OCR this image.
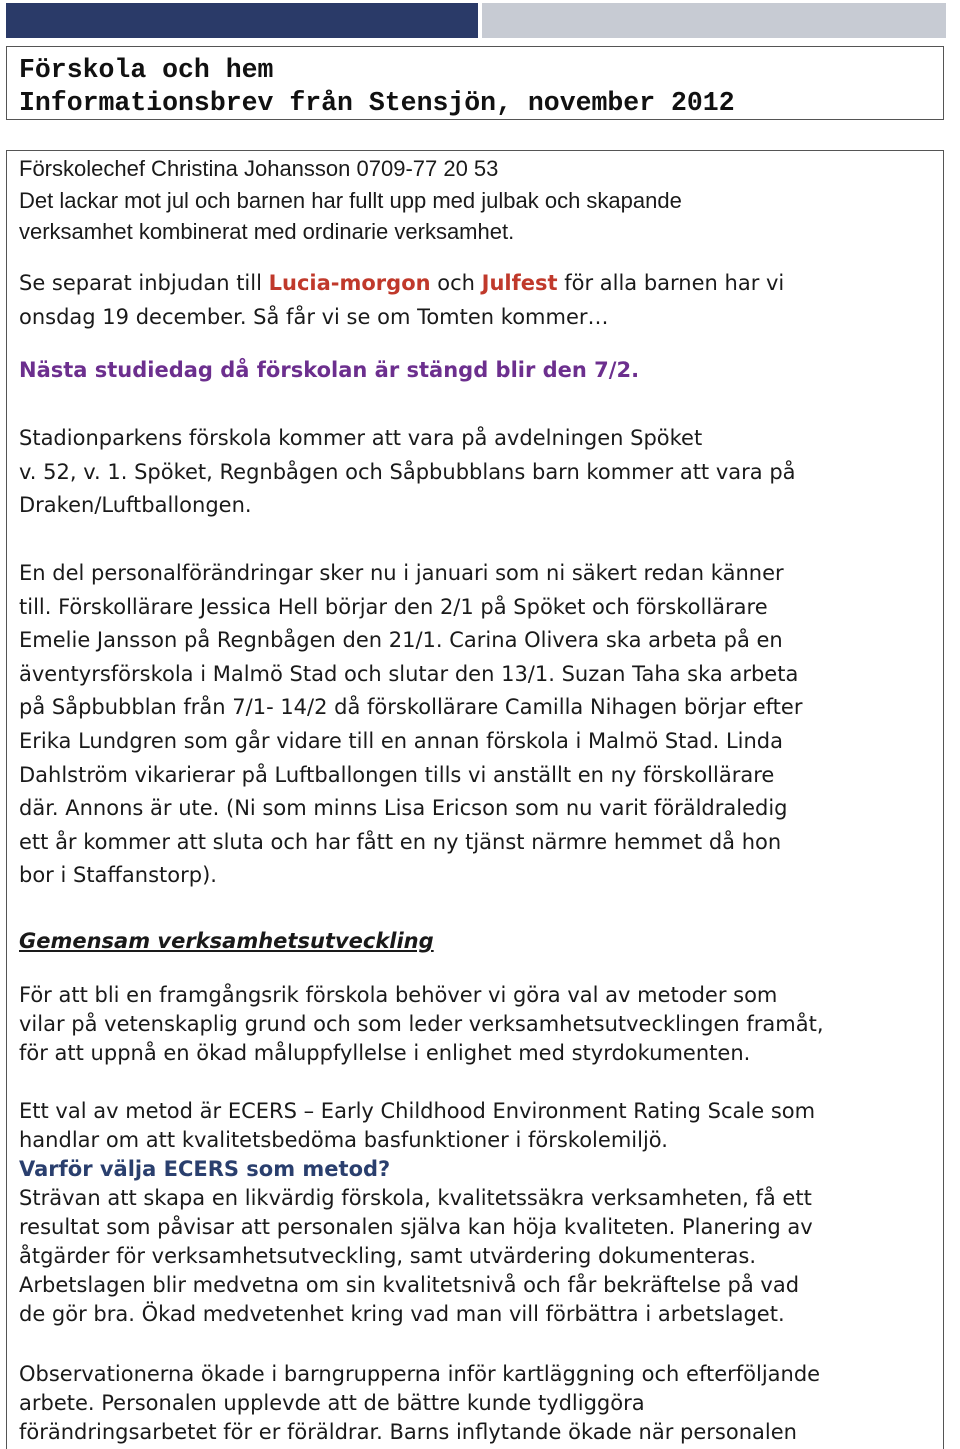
Förskola och hem
Informationsbrev från Stensjön, november 2012
Förskolechef Christina Johansson 0709-77 20 53
Det lackar mot jul och barnen har fullt upp med julbak och skapande
verksamhet kombinerat med ordinarie verksamhet.
Se separat inbjudan till Lucia-morgon och Julfest för alla barnen har vi
onsdag 19 december. Så får vi se om Tomten kommer…
Nästa studiedag då förskolan är stängd blir den 7/2.
Stadionparkens förskola kommer att vara på avdelningen Spöket
v. 52, v. 1. Spöket, Regnbågen och Såpbubblans barn kommer att vara på
Draken/Luftballongen.
En del personalförändringar sker nu i januari som ni säkert redan känner
till. Förskollärare Jessica Hell börjar den 2/1 på Spöket och förskollärare
Emelie Jansson på Regnbågen den 21/1. Carina Olivera ska arbeta på en
äventyrsförskola i Malmö Stad och slutar den 13/1. Suzan Taha ska arbeta
på Såpbubblan från 7/1- 14/2 då förskollärare Camilla Nihagen börjar efter
Erika Lundgren som går vidare till en annan förskola i Malmö Stad. Linda
Dahlström vikarierar på Luftballongen tills vi anställt en ny förskollärare
där. Annons är ute. (Ni som minns Lisa Ericson som nu varit föräldraledig
ett år kommer att sluta och har fått en ny tjänst närmre hemmet då hon
bor i Staffanstorp).
Gemensam verksamhetsutveckling
För att bli en framgångsrik förskola behöver vi göra val av metoder som
vilar på vetenskaplig grund och som leder verksamhetsutvecklingen framåt,
för att uppnå en ökad måluppfyllelse i enlighet med styrdokumenten.
Ett val av metod är ECERS – Early Childhood Environment Rating Scale som
handlar om att kvalitetsbedöma basfunktioner i förskolemiljö.
Varför välja ECERS som metod?
Strävan att skapa en likvärdig förskola, kvalitetssäkra verksamheten, få ett
resultat som påvisar att personalen själva kan höja kvaliteten. Planering av
åtgärder för verksamhetsutveckling, samt utvärdering dokumenteras.
Arbetslagen blir medvetna om sin kvalitetsnivå och får bekräftelse på vad
de gör bra. Ökad medvetenhet kring vad man vill förbättra i arbetslaget.
Observationerna ökade i barngrupperna inför kartläggning och efterföljande
arbete. Personalen upplevde att de bättre kunde tydliggöra
förändringsarbetet för er föräldrar. Barns inflytande ökade när personalen
